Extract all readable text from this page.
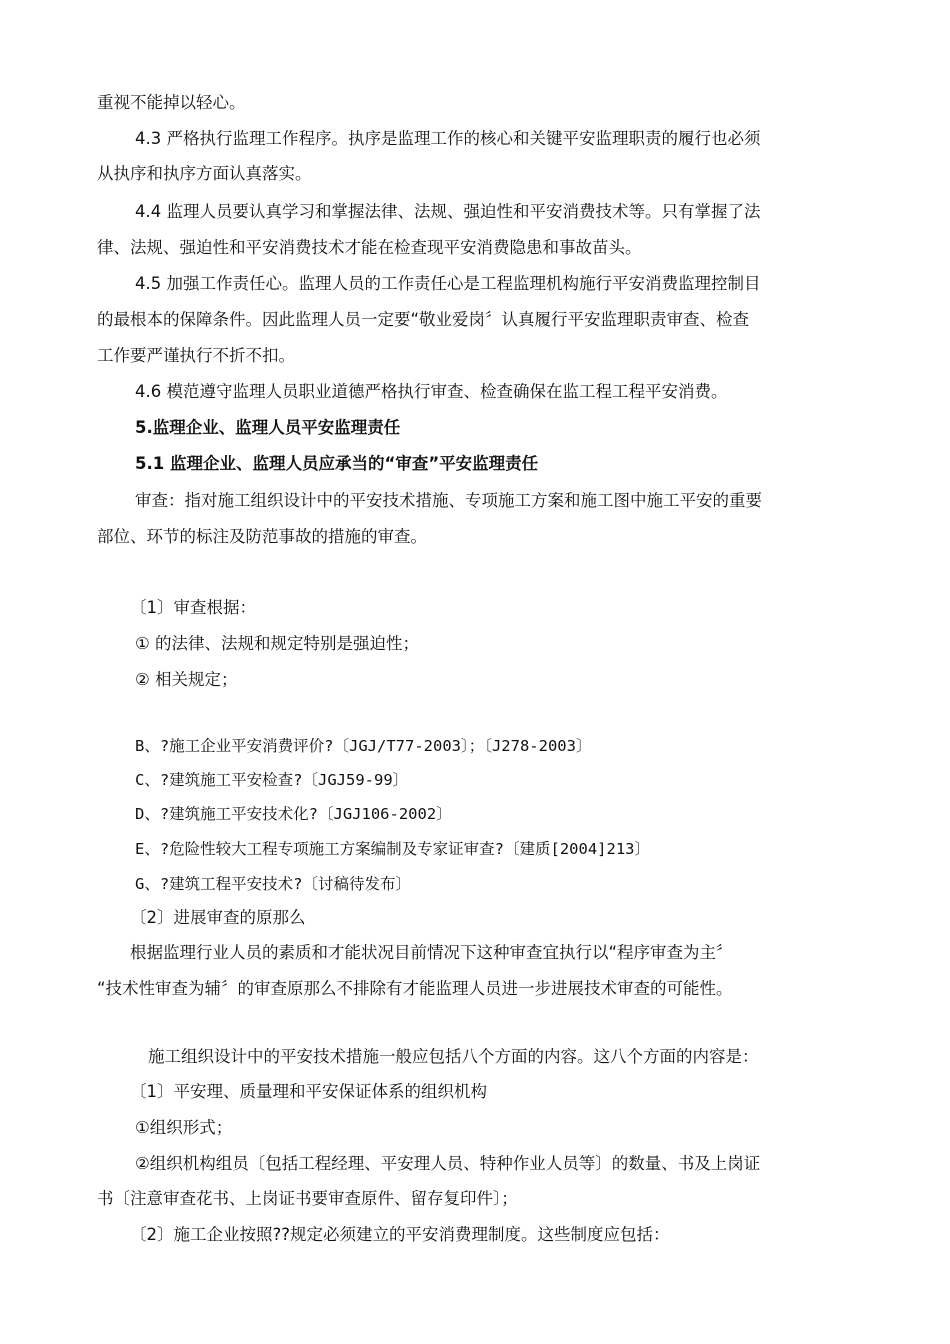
重视不能掉以轻心。
4.3 严格执行监理工作程序。执序是监理工作的核心和关键平安监理职责的履行也必须
从执序和执序方面认真落实。
4.4 监理人员要认真学习和掌握法律、法规、强迫性和平安消费技术等。只有掌握了法
律、法规、强迫性和平安消费技术才能在检查现平安消费隐患和事故苗头。
4.5 加强工作责任心。监理人员的工作责任心是工程监理机构施行平安消费监理控制目
的最根本的保障条件。因此监理人员一定要“敬业爱岗〞认真履行平安监理职责审查、检查
工作要严谨执行不折不扣。
4.6 模范遵守监理人员职业道德严格执行审查、检查确保在监工程工程平安消费。
5.监理企业、监理人员平安监理责任
5.1 监理企业、监理人员应承当的“审查”平安监理责任
审查：指对施工组织设计中的平安技术措施、专项施工方案和施工图中施工平安的重要
部位、环节的标注及防范事故的措施的审查。
〔1〕审查根据：
① 的法律、法规和规定特别是强迫性；
② 相关规定；
B、?施工企业平安消费评价?〔JGJ/T77-2003〕；〔J278-2003〕
C、?建筑施工平安检查?〔JGJ59-99〕
D、?建筑施工平安技术化?〔JGJ106-2002〕
E、?危险性较大工程专项施工方案编制及专家证审查?〔建质[2004]213〕
G、?建筑工程平安技术?〔讨稿待发布〕
〔2〕进展审查的原那么
根据监理行业人员的素质和才能状况目前情况下这种审查宜执行以“程序审查为主〞
“技术性审查为辅〞的审查原那么不排除有才能监理人员进一步进展技术审查的可能性。
施工组织设计中的平安技术措施一般应包括八个方面的内容。这八个方面的内容是：
〔1〕平安理、质量理和平安保证体系的组织机构
①组织形式；
②组织机构组员〔包括工程经理、平安理人员、特种作业人员等〕的数量、书及上岗证
书〔注意审查花书、上岗证书要审查原件、留存复印件〕；
〔2〕施工企业按照??规定必须建立的平安消费理制度。这些制度应包括：
